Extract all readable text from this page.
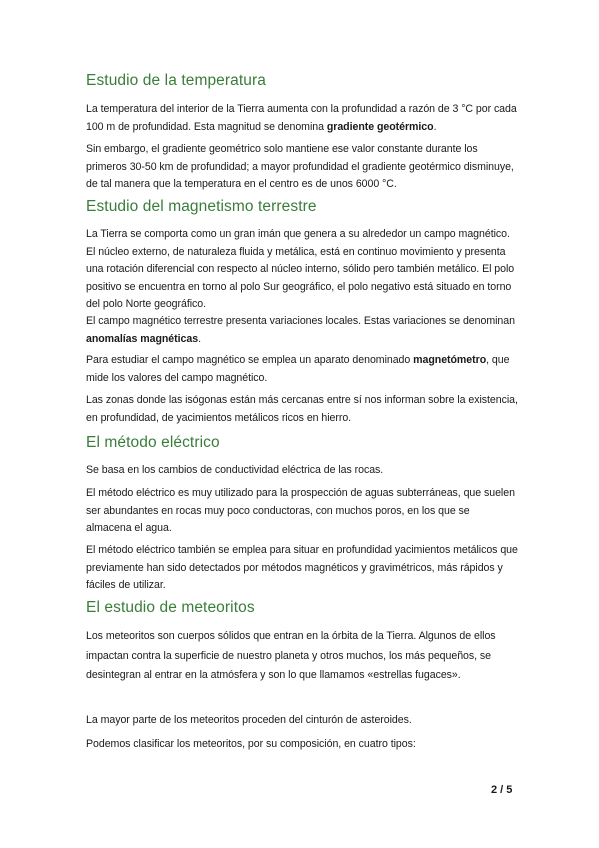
Estudio de la temperatura

La temperatura del interior de la Tierra aumenta con la profundidad a razón de 3 °C por cada 100 m de profundidad. Esta magnitud se denomina gradiente geotérmico.

Sin embargo, el gradiente geométrico solo mantiene ese valor constante durante los primeros 30-50 km de profundidad; a mayor profundidad el gradiente geotérmico disminuye, de tal manera que la temperatura en el centro es de unos 6000 °C.

Estudio del magnetismo terrestre

La Tierra se comporta como un gran imán que genera a su alrededor un campo magnético. El núcleo externo, de naturaleza fluida y metálica, está en continuo movimiento y presenta una rotación diferencial con respecto al núcleo interno, sólido pero también metálico. El polo positivo se encuentra en torno al polo Sur geográfico, el polo negativo está situado en torno del polo Norte geográfico.

El campo magnético terrestre presenta variaciones locales. Estas variaciones se denominan anomalías magnéticas.

Para estudiar el campo magnético se emplea un aparato denominado magnetómetro, que mide los valores del campo magnético.

Las zonas donde las isógonas están más cercanas entre sí nos informan sobre la existencia, en profundidad, de yacimientos metálicos ricos en hierro.

El método eléctrico

Se basa en los cambios de conductividad eléctrica de las rocas.

El método eléctrico es muy utilizado para la prospección de aguas subterráneas, que suelen ser abundantes en rocas muy poco conductoras, con muchos poros, en los que se almacena el agua.

El método eléctrico también se emplea para situar en profundidad yacimientos metálicos que previamente han sido detectados por métodos magnéticos y gravimétricos, más rápidos y fáciles de utilizar.

El estudio de meteoritos

Los meteoritos son cuerpos sólidos que entran en la órbita de la Tierra. Algunos de ellos impactan contra la superficie de nuestro planeta y otros muchos, los más pequeños, se desintegran al entrar en la atmósfera y son lo que llamamos «estrellas fugaces».

La mayor parte de los meteoritos proceden del cinturón de asteroides.

Podemos clasificar los meteoritos, por su composición, en cuatro tipos:

2 / 5
